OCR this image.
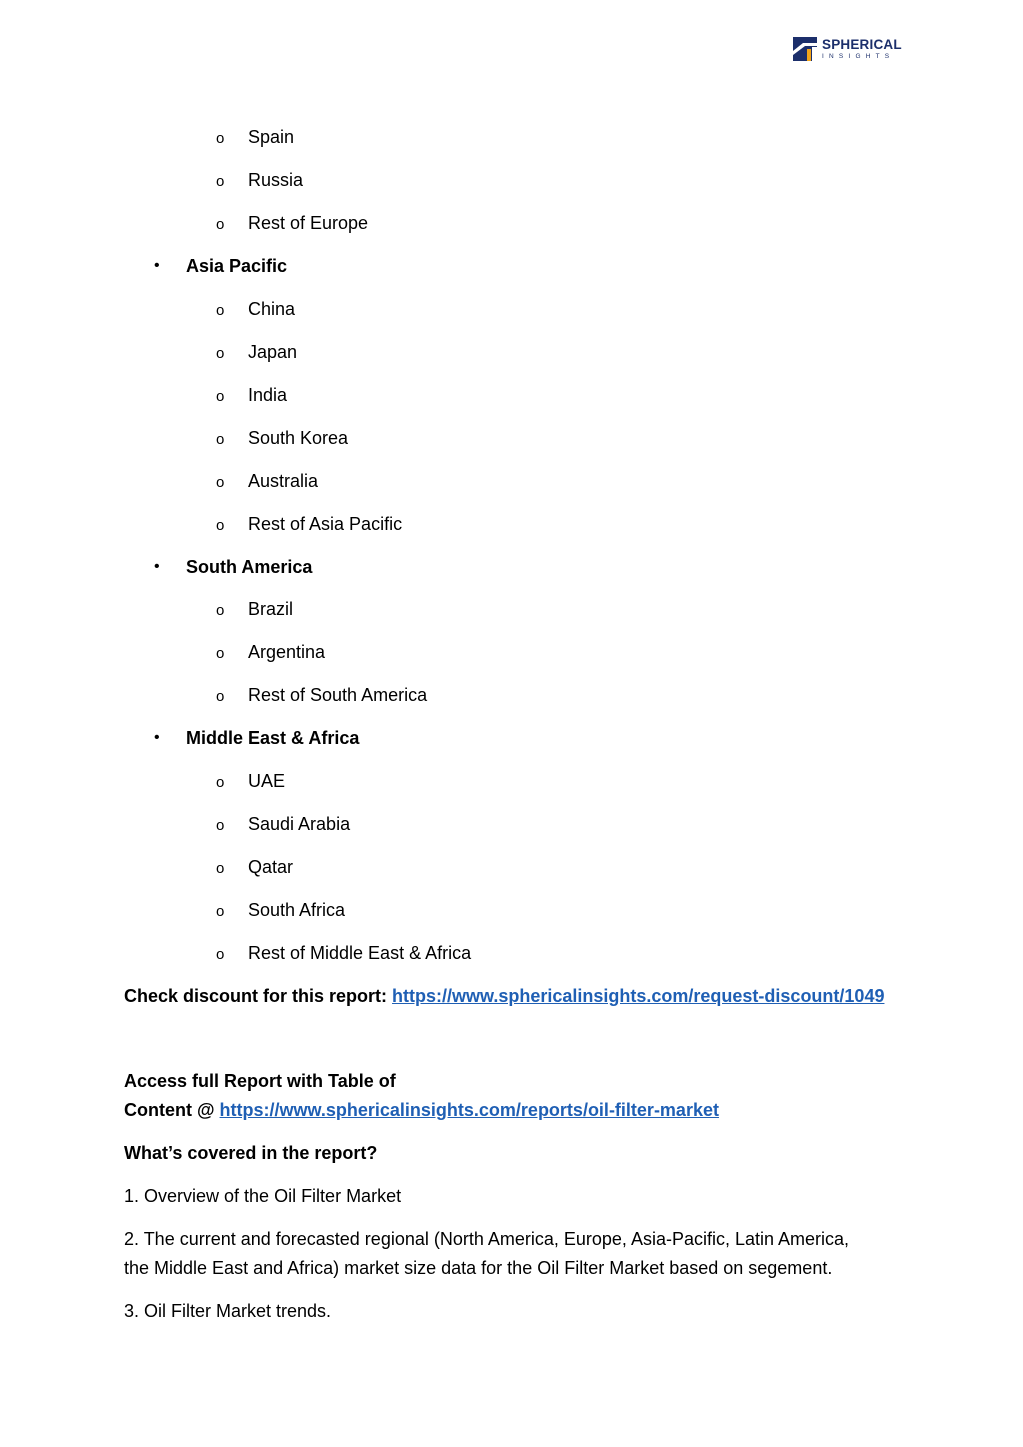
SPHERICAL
INSIGHTS
o Spain
o Russia
o Rest of Europe
• Asia Pacific
o China
o Japan
o India
o South Korea
o Australia
o Rest of Asia Pacific
• South America
o Brazil
o Argentina
o Rest of South America
• Middle East & Africa
o UAE
o Saudi Arabia
o Qatar
o South Africa
o Rest of Middle East & Africa
Check discount for this report: https://www.sphericalinsights.com/request-discount/1049
Access full Report with Table of
Content @ https://www.sphericalinsights.com/reports/oil-filter-market
What’s covered in the report?
1. Overview of the Oil Filter Market
2. The current and forecasted regional (North America, Europe, Asia-Pacific, Latin America,
the Middle East and Africa) market size data for the Oil Filter Market based on segement.
3. Oil Filter Market trends.
